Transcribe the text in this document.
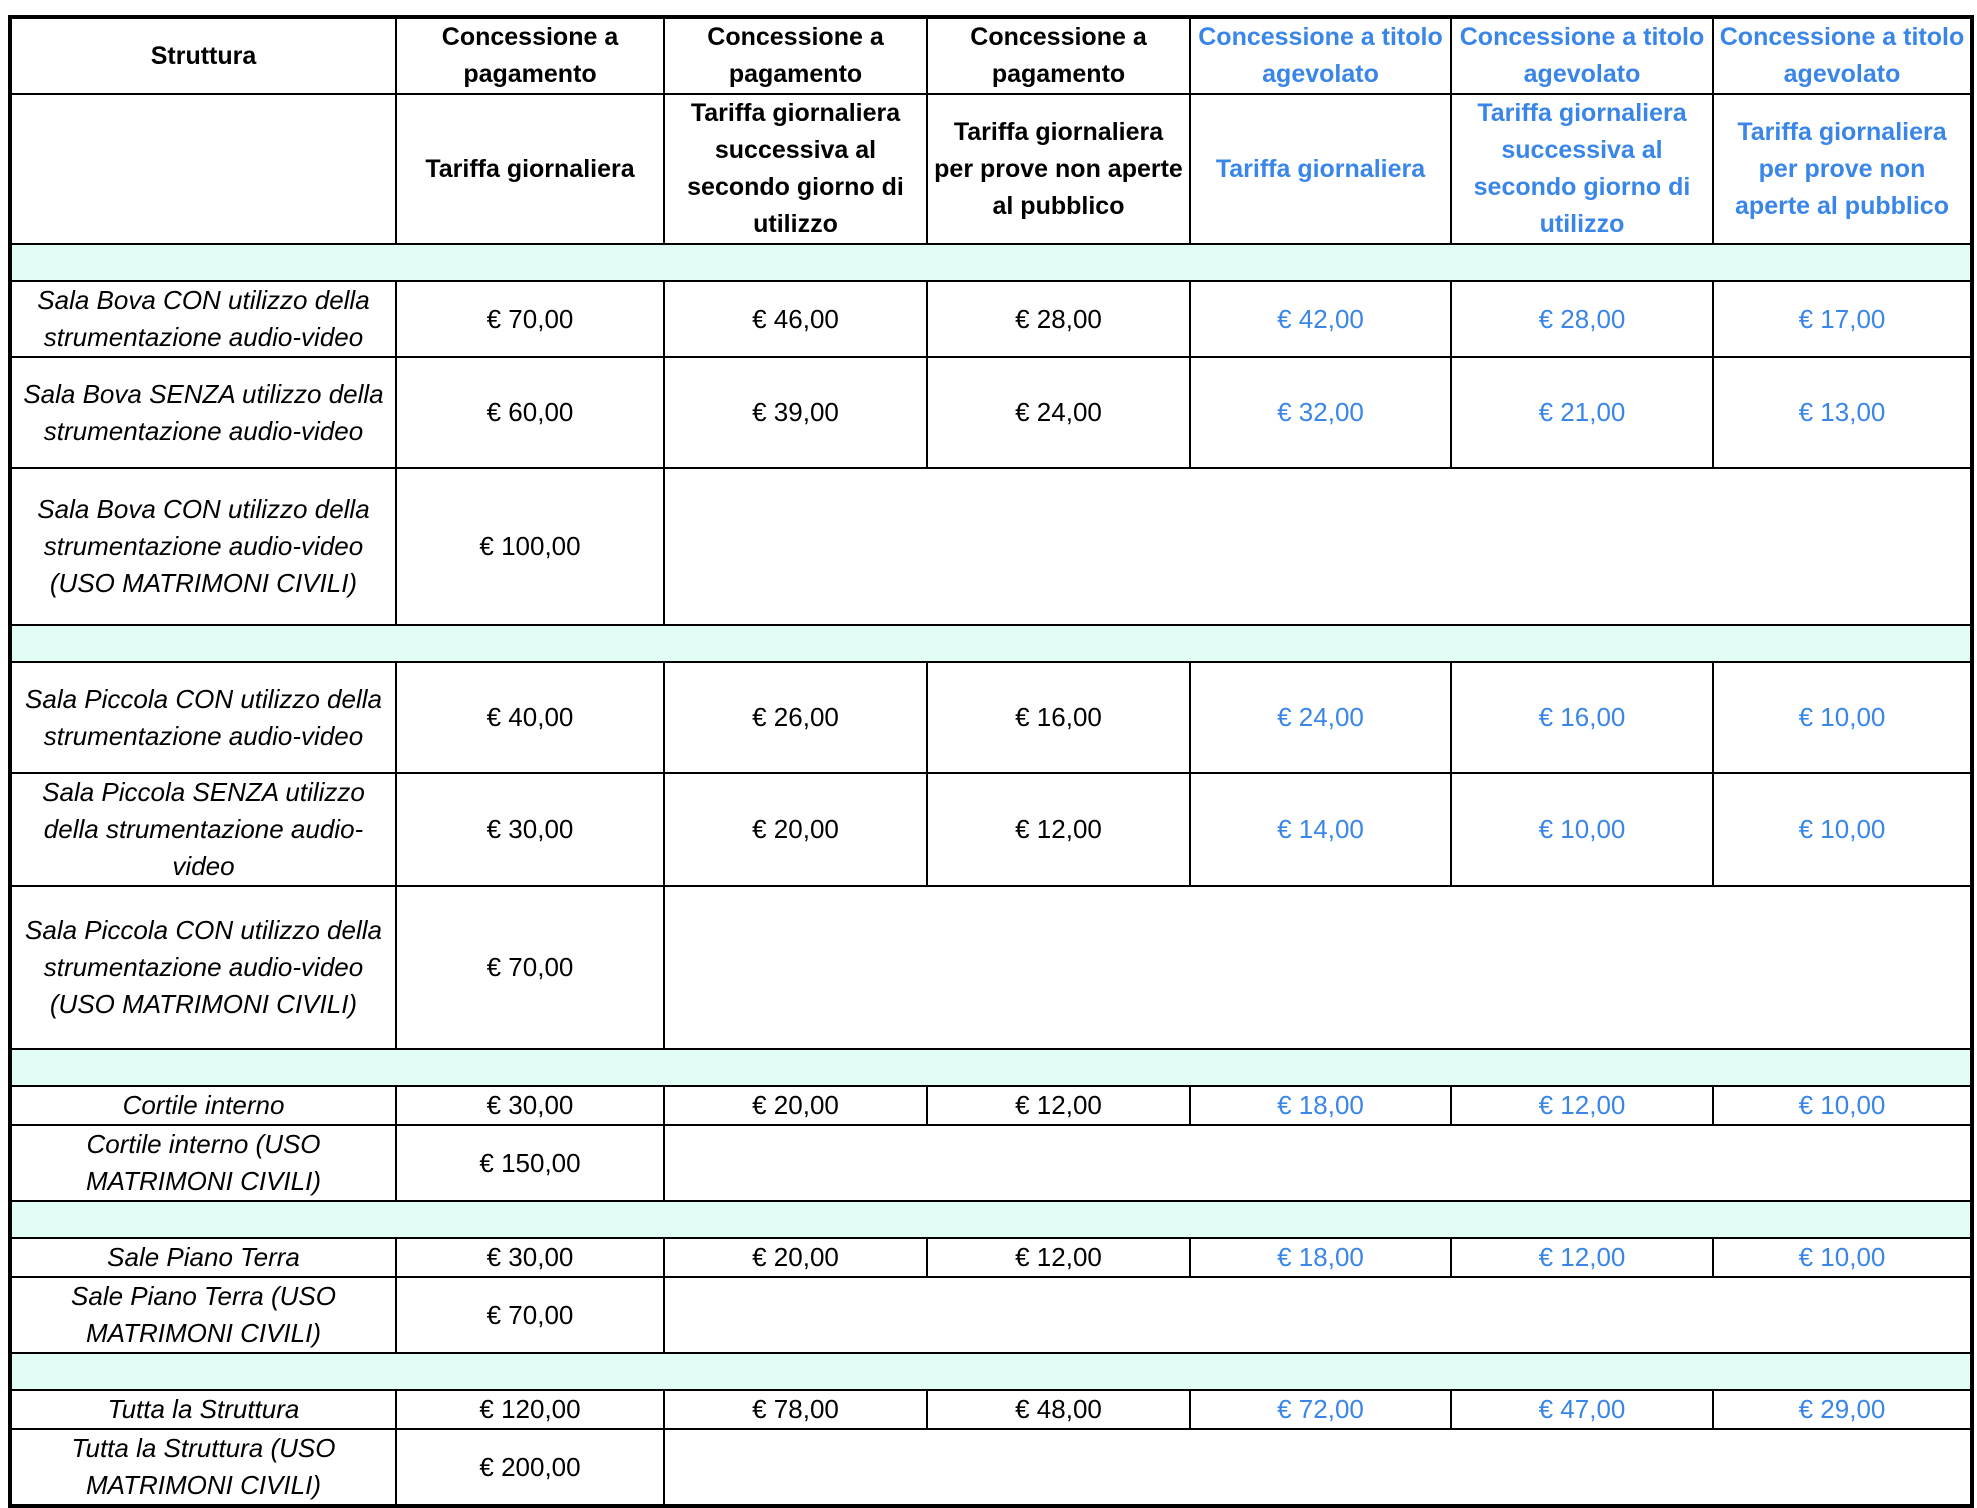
Struttura	Concessione a pagamento	Concessione a pagamento	Concessione a pagamento	Concessione a titolo agevolato	Concessione a titolo agevolato	Concessione a titolo agevolato
	Tariffa giornaliera	Tariffa giornaliera successiva al secondo giorno di utilizzo	Tariffa giornaliera per prove non aperte al pubblico	Tariffa giornaliera	Tariffa giornaliera successiva al secondo giorno di utilizzo	Tariffa giornaliera per prove non aperte al pubblico

Sala Bova CON utilizzo della strumentazione audio-video	€ 70,00	€ 46,00	€ 28,00	€ 42,00	€ 28,00	€ 17,00
Sala Bova SENZA utilizzo della strumentazione audio-video	€ 60,00	€ 39,00	€ 24,00	€ 32,00	€ 21,00	€ 13,00
Sala Bova CON utilizzo della strumentazione audio-video (USO MATRIMONI CIVILI)	€ 100,00					

Sala Piccola CON utilizzo della strumentazione audio-video	€ 40,00	€ 26,00	€ 16,00	€ 24,00	€ 16,00	€ 10,00
Sala Piccola SENZA utilizzo della strumentazione audio-video	€ 30,00	€ 20,00	€ 12,00	€ 14,00	€ 10,00	€ 10,00
Sala Piccola CON utilizzo della strumentazione audio-video (USO MATRIMONI CIVILI)	€ 70,00					

Cortile interno	€ 30,00	€ 20,00	€ 12,00	€ 18,00	€ 12,00	€ 10,00
Cortile interno (USO MATRIMONI CIVILI)	€ 150,00					

Sale Piano Terra	€ 30,00	€ 20,00	€ 12,00	€ 18,00	€ 12,00	€ 10,00
Sale Piano Terra (USO MATRIMONI CIVILI)	€ 70,00					

Tutta la Struttura	€ 120,00	€ 78,00	€ 48,00	€ 72,00	€ 47,00	€ 29,00
Tutta la Struttura (USO MATRIMONI CIVILI)	€ 200,00					
